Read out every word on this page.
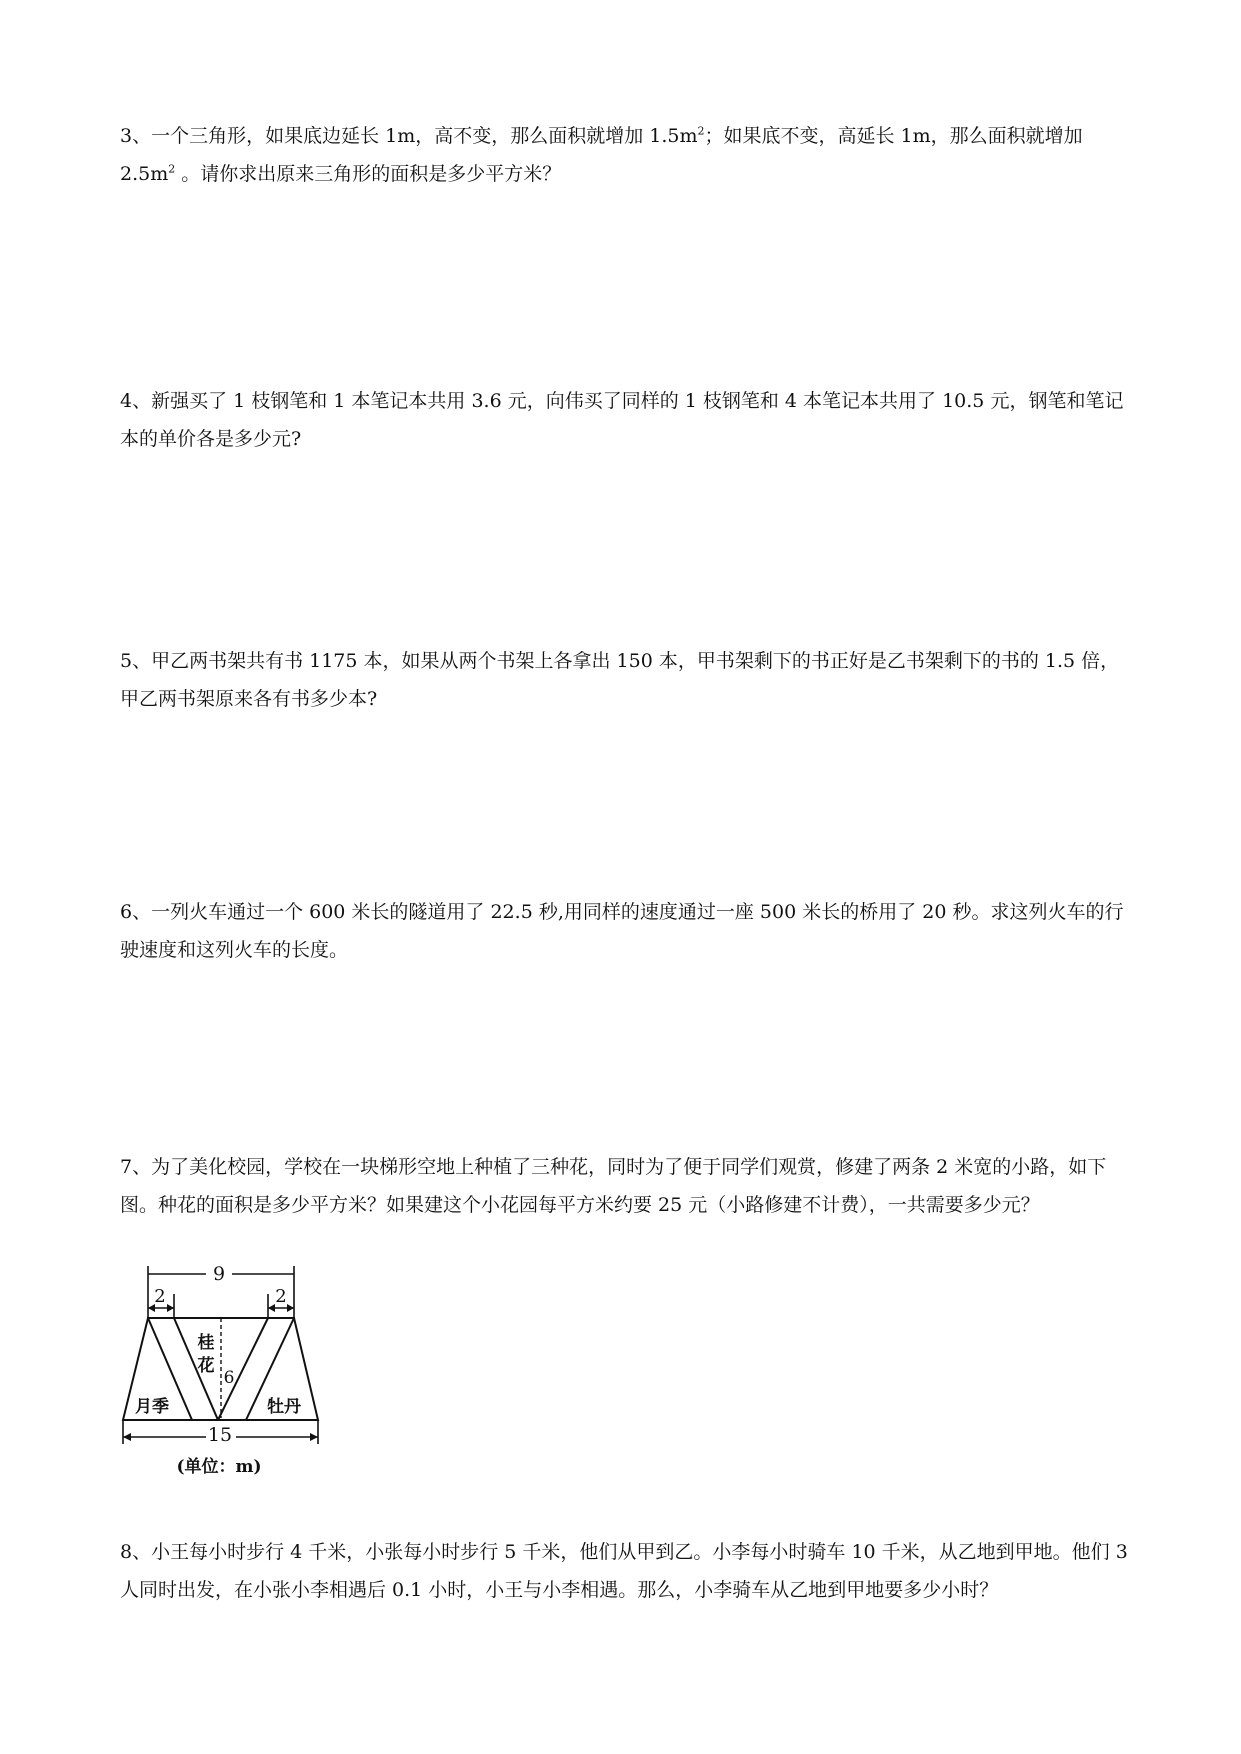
3、一个三角形，如果底边延长 1m，高不变，那么面积就增加 $1.5m^2$；如果底不变，高延长 1m，那么面积就增加 $2.5m^2$ 。请你求出原来三角形的面积是多少平方米？

4、新强买了 1 枝钢笔和 1 本笔记本共用 3.6 元，向伟买了同样的 1 枝钢笔和 4 本笔记本共用了 10.5 元，钢笔和笔记本的单价各是多少元?

5、甲乙两书架共有书 1175 本，如果从两个书架上各拿出 150 本，甲书架剩下的书正好是乙书架剩下的书的 1.5 倍，甲乙两书架原来各有书多少本?

6、一列火车通过一个 600 米长的隧道用了 22.5 秒,用同样的速度通过一座 500 米长的桥用了 20 秒。求这列火车的行驶速度和这列火车的长度。

7、为了美化校园，学校在一块梯形空地上种植了三种花，同时为了便于同学们观赏，修建了两条 2 米宽的小路，如下图。种花的面积是多少平方米？如果建这个小花园每平方米约要 25 元（小路修建不计费），一共需要多少元？

9
2	2
桂
花
6
月季	牡丹
15
(单位：m)

8、小王每小时步行 4 千米，小张每小时步行 5 千米，他们从甲到乙。小李每小时骑车 10 千米，从乙地到甲地。他们 3 人同时出发，在小张小李相遇后 0.1 小时，小王与小李相遇。那么，小李骑车从乙地到甲地要多少小时？
